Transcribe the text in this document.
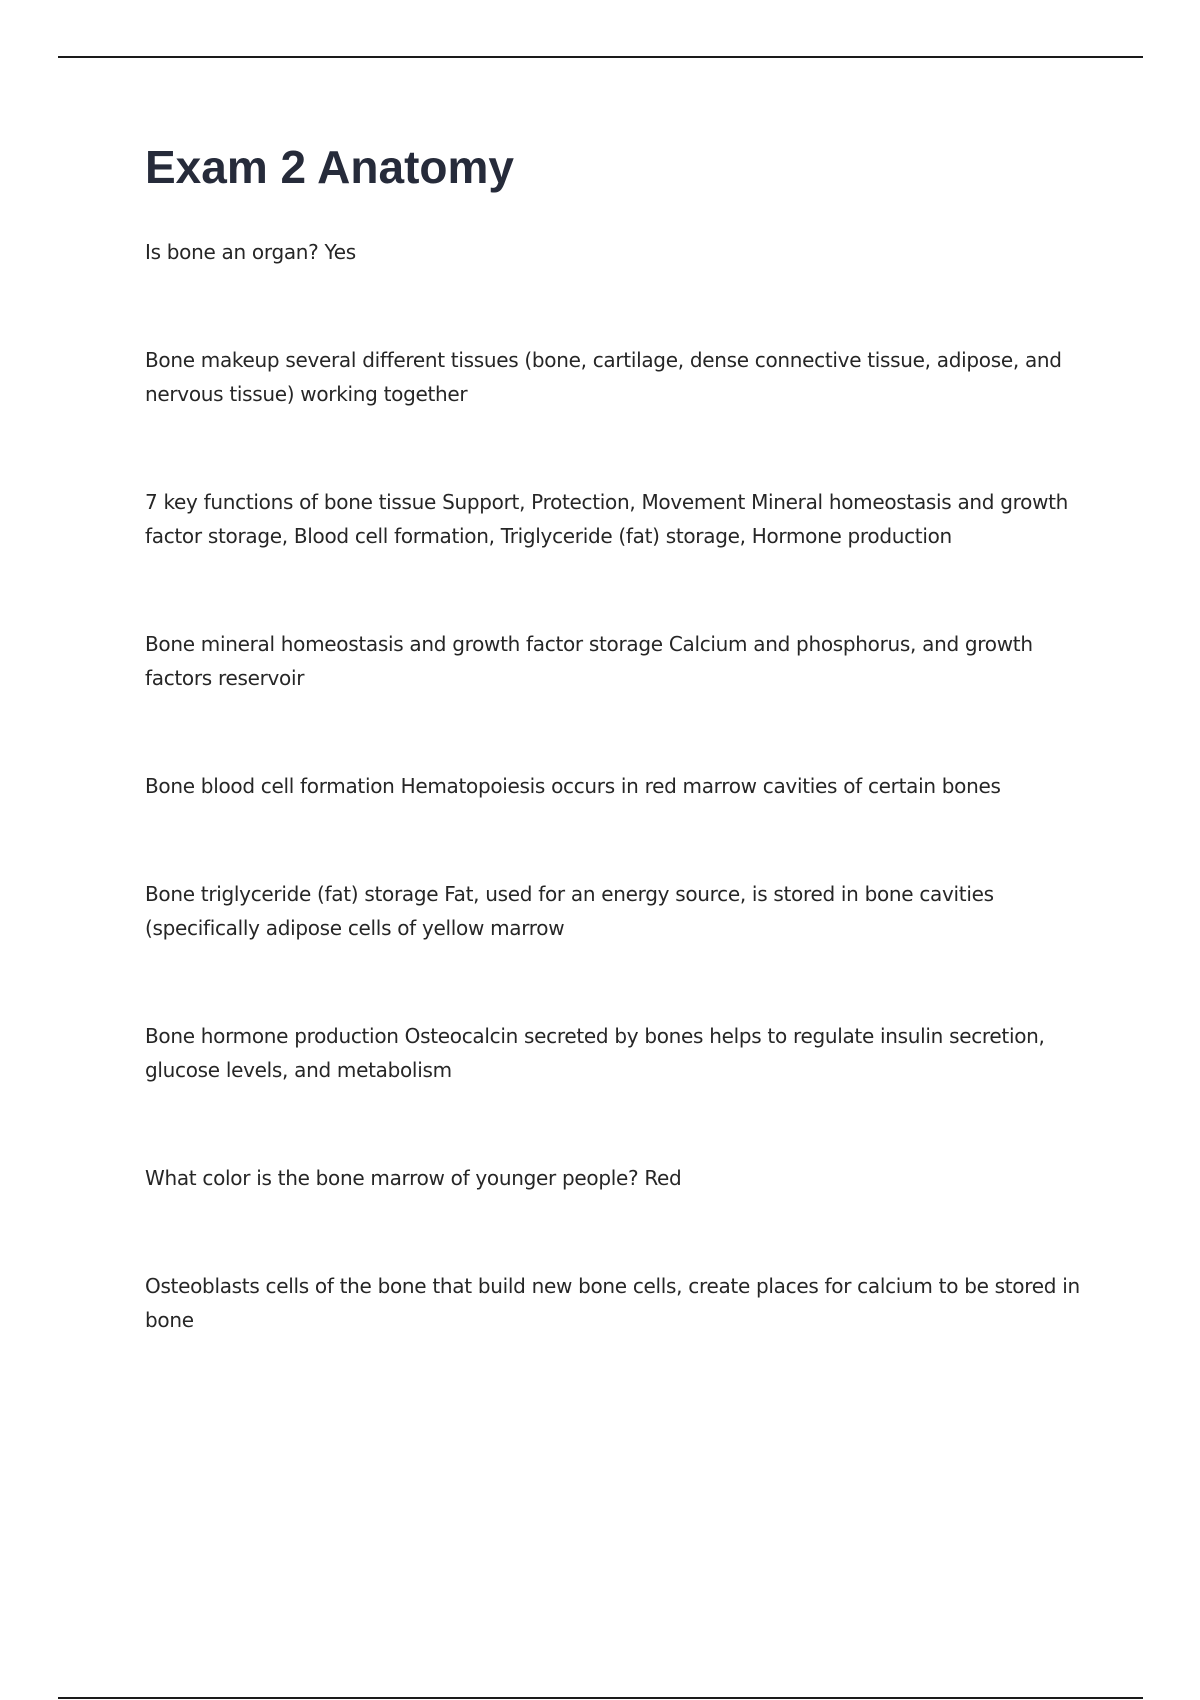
Exam 2 Anatomy
Is bone an organ? Yes
Bone makeup several different tissues (bone, cartilage, dense connective tissue, adipose, and nervous tissue) working together
7 key functions of bone tissue Support, Protection, Movement Mineral homeostasis and growth factor storage, Blood cell formation, Triglyceride (fat) storage, Hormone production
Bone mineral homeostasis and growth factor storage Calcium and phosphorus, and growth factors reservoir
Bone blood cell formation Hematopoiesis occurs in red marrow cavities of certain bones
Bone triglyceride (fat) storage Fat, used for an energy source, is stored in bone cavities (specifically adipose cells of yellow marrow
Bone hormone production Osteocalcin secreted by bones helps to regulate insulin secretion, glucose levels, and metabolism
What color is the bone marrow of younger people? Red
Osteoblasts cells of the bone that build new bone cells, create places for calcium to be stored in bone
